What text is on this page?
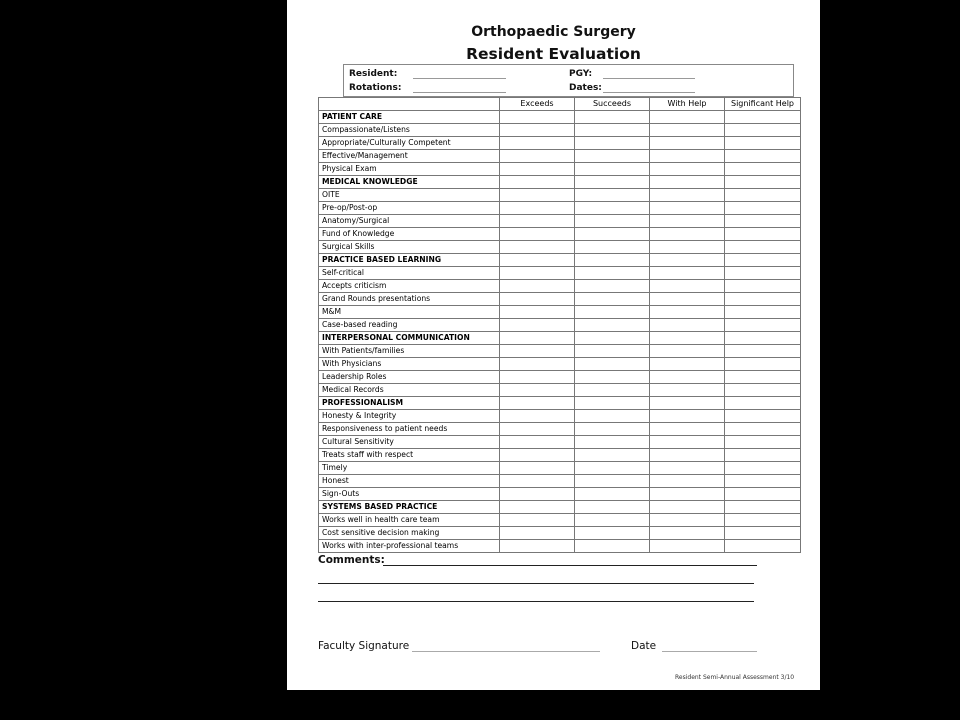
Orthopaedic Surgery
Resident Evaluation
Resident:	PGY:
Rotations:	Dates:
	Exceeds	Succeeds	With Help	Significant Help
PATIENT CARE				
Compassionate/Listens				
Appropriate/Culturally Competent				
Effective/Management				
Physical Exam				
MEDICAL KNOWLEDGE				
OITE				
Pre-op/Post-op				
Anatomy/Surgical				
Fund of Knowledge				
Surgical Skills				
PRACTICE BASED LEARNING				
Self-critical				
Accepts criticism				
Grand Rounds presentations				
M&M				
Case-based reading				
INTERPERSONAL COMMUNICATION				
With Patients/families				
With Physicians				
Leadership Roles				
Medical Records				
PROFESSIONALISM				
Honesty & Integrity				
Responsiveness to patient needs				
Cultural Sensitivity				
Treats staff with respect				
Timely				
Honest				
Sign-Outs				
SYSTEMS BASED PRACTICE				
Works well in health care team				
Cost sensitive decision making				
Works with inter-professional teams				
Comments:
Faculty Signature	Date
Resident Semi-Annual Assessment 3/10
